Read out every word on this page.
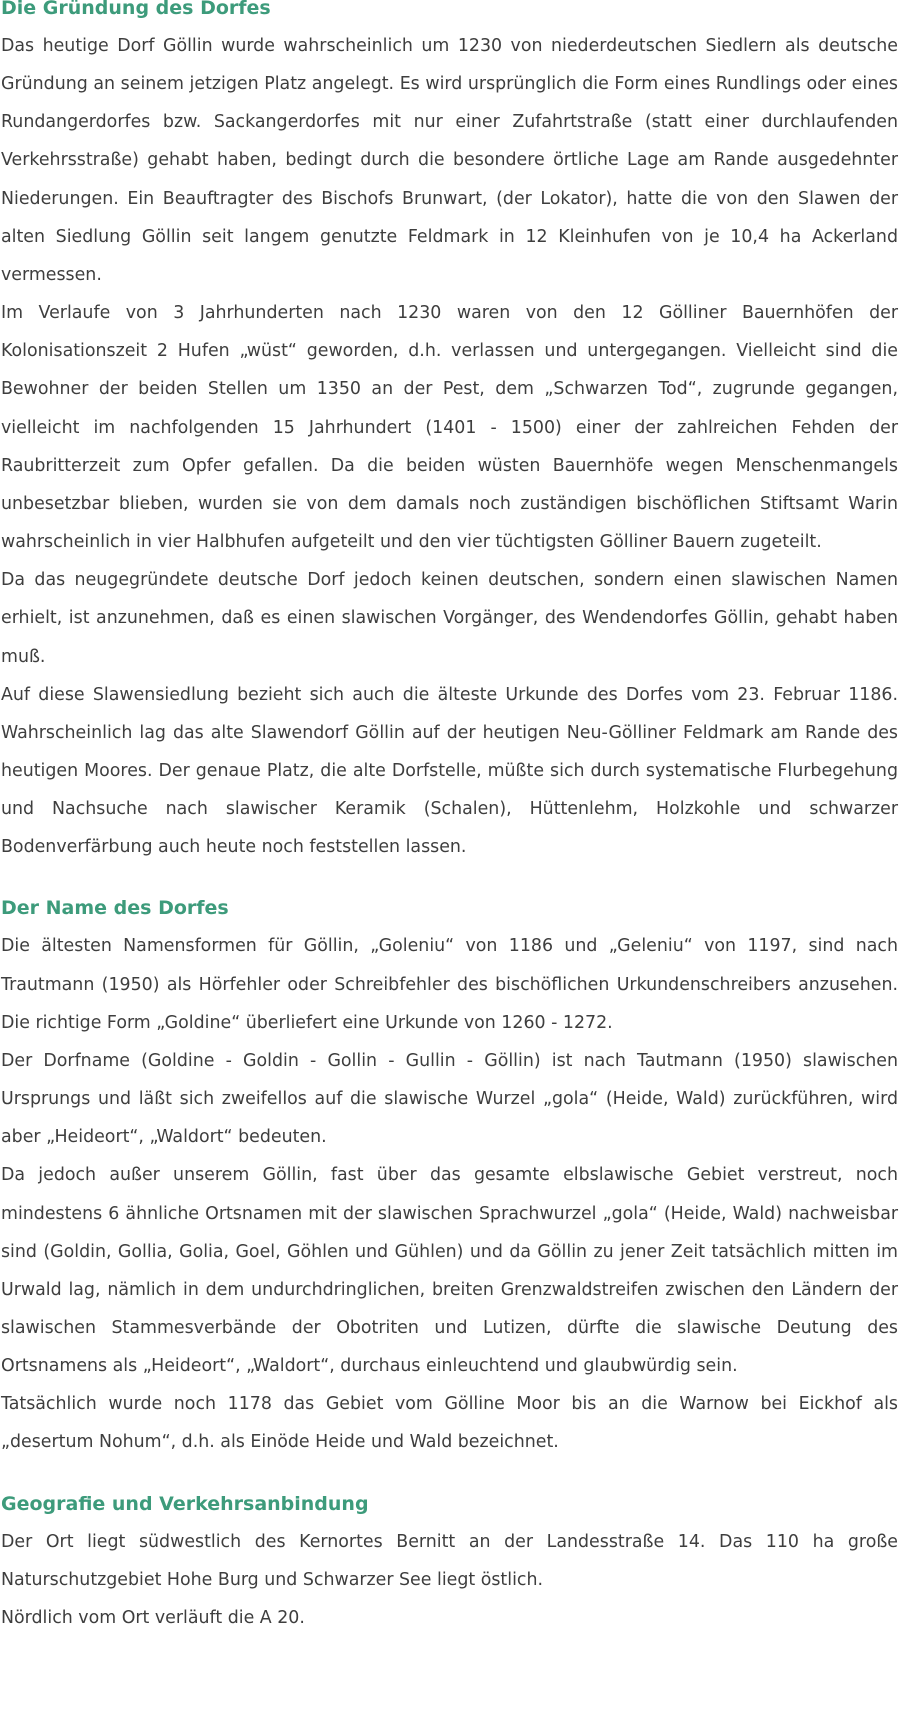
Die Gründung des Dorfes

Das heutige Dorf Göllin wurde wahrscheinlich um 1230 von niederdeutschen Siedlern als deutsche Gründung an seinem jetzigen Platz angelegt. Es wird ursprünglich die Form eines Rundlings oder eines Rundangerdorfes bzw. Sackangerdorfes mit nur einer Zufahrtstraße (statt einer durchlaufenden Verkehrsstraße) gehabt haben, bedingt durch die besondere örtliche Lage am Rande ausgedehnter Niederungen. Ein Beauftragter des Bischofs Brunwart, (der Lokator), hatte die von den Slawen der alten Siedlung Göllin seit langem genutzte Feldmark in 12 Kleinhufen von je 10,4 ha Ackerland vermessen.

Im Verlaufe von 3 Jahrhunderten nach 1230 waren von den 12 Gölliner Bauernhöfen der Kolonisationszeit 2 Hufen „wüst“ geworden, d.h. verlassen und untergegangen. Vielleicht sind die Bewohner der beiden Stellen um 1350 an der Pest, dem „Schwarzen Tod“, zugrunde gegangen, vielleicht im nachfolgenden 15 Jahrhundert (1401 - 1500) einer der zahlreichen Fehden der Raubritterzeit zum Opfer gefallen. Da die beiden wüsten Bauernhöfe wegen Menschenmangels unbesetzbar blieben, wurden sie von dem damals noch zuständigen bischöflichen Stiftsamt Warin wahrscheinlich in vier Halbhufen aufgeteilt und den vier tüchtigsten Gölliner Bauern zugeteilt.

Da das neugegründete deutsche Dorf jedoch keinen deutschen, sondern einen slawischen Namen erhielt, ist anzunehmen, daß es einen slawischen Vorgänger, des Wendendorfes Göllin, gehabt haben muß.

Auf diese Slawensiedlung bezieht sich auch die älteste Urkunde des Dorfes vom 23. Februar 1186. Wahrscheinlich lag das alte Slawendorf Göllin auf der heutigen Neu-Gölliner Feldmark am Rande des heutigen Moores. Der genaue Platz, die alte Dorfstelle, müßte sich durch systematische Flurbegehung und Nachsuche nach slawischer Keramik (Schalen), Hüttenlehm, Holzkohle und schwarzer Bodenverfärbung auch heute noch feststellen lassen.

Der Name des Dorfes

Die ältesten Namensformen für Göllin, „Goleniu“ von 1186 und „Geleniu“ von 1197, sind nach Trautmann (1950) als Hörfehler oder Schreibfehler des bischöflichen Urkundenschreibers anzusehen. Die richtige Form „Goldine“ überliefert eine Urkunde von 1260 - 1272.

Der Dorfname (Goldine - Goldin - Gollin - Gullin - Göllin) ist nach Tautmann (1950) slawischen Ursprungs und läßt sich zweifellos auf die slawische Wurzel „gola“ (Heide, Wald) zurückführen, wird aber „Heideort“, „Waldort“ bedeuten.

Da jedoch außer unserem Göllin, fast über das gesamte elbslawische Gebiet verstreut, noch mindestens 6 ähnliche Ortsnamen mit der slawischen Sprachwurzel „gola“ (Heide, Wald) nachweisbar sind (Goldin, Gollia, Golia, Goel, Göhlen und Gühlen) und da Göllin zu jener Zeit tatsächlich mitten im Urwald lag, nämlich in dem undurchdringlichen, breiten Grenzwaldstreifen zwischen den Ländern der slawischen Stammesverbände der Obotriten und Lutizen, dürfte die slawische Deutung des Ortsnamens als „Heideort“, „Waldort“, durchaus einleuchtend und glaubwürdig sein.

Tatsächlich wurde noch 1178 das Gebiet vom Gölline Moor bis an die Warnow bei Eickhof als „desertum Nohum“, d.h. als Einöde Heide und Wald bezeichnet.

Geografie und Verkehrsanbindung

Der Ort liegt südwestlich des Kernortes Bernitt an der Landesstraße 14. Das 110 ha große Naturschutzgebiet Hohe Burg und Schwarzer See liegt östlich.

Nördlich vom Ort verläuft die A 20.
